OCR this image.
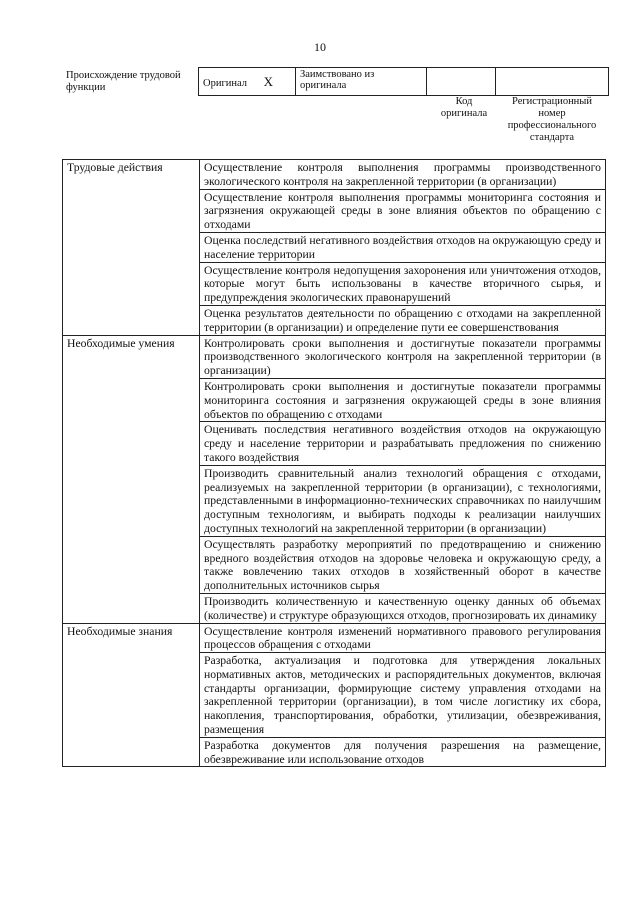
10
Происхождение трудовой функции	Оригинал X	Заимствовано из оригинала		
Код оригинала
Регистрационный номер профессионального стандарта
Трудовые действия	Осуществление контроля выполнения программы производственного экологического контроля на закрепленной территории (в организации)
	Осуществление контроля выполнения программы мониторинга состояния и загрязнения окружающей среды в зоне влияния объектов по обращению с отходами
	Оценка последствий негативного воздействия отходов на окружающую среду и население территории
	Осуществление контроля недопущения захоронения или уничтожения отходов, которые могут быть использованы в качестве вторичного сырья, и предупреждения экологических правонарушений
	Оценка результатов деятельности по обращению с отходами на закрепленной территории (в организации) и определение пути ее совершенствования
Необходимые умения	Контролировать сроки выполнения и достигнутые показатели программы производственного экологического контроля на закрепленной территории (в организации)
	Контролировать сроки выполнения и достигнутые показатели программы мониторинга состояния и загрязнения окружающей среды в зоне влияния объектов по обращению с отходами
	Оценивать последствия негативного воздействия отходов на окружающую среду и население территории и разрабатывать предложения по снижению такого воздействия
	Производить сравнительный анализ технологий обращения с отходами, реализуемых на закрепленной территории (в организации), с технологиями, представленными в информационно-технических справочниках по наилучшим доступным технологиям, и выбирать подходы к реализации наилучших доступных технологий на закрепленной территории (в организации)
	Осуществлять разработку мероприятий по предотвращению и снижению вредного воздействия отходов на здоровье человека и окружающую среду, а также вовлечению таких отходов в хозяйственный оборот в качестве дополнительных источников сырья
	Производить количественную и качественную оценку данных об объемах (количестве) и структуре образующихся отходов, прогнозировать их динамику
Необходимые знания	Осуществление контроля изменений нормативного правового регулирования процессов обращения с отходами
	Разработка, актуализация и подготовка для утверждения локальных нормативных актов, методических и распорядительных документов, включая стандарты организации, формирующие систему управления отходами на закрепленной территории (организации), в том числе логистику их сбора, накопления, транспортирования, обработки, утилизации, обезвреживания, размещения
	Разработка документов для получения разрешения на размещение, обезвреживание или использование отходов
